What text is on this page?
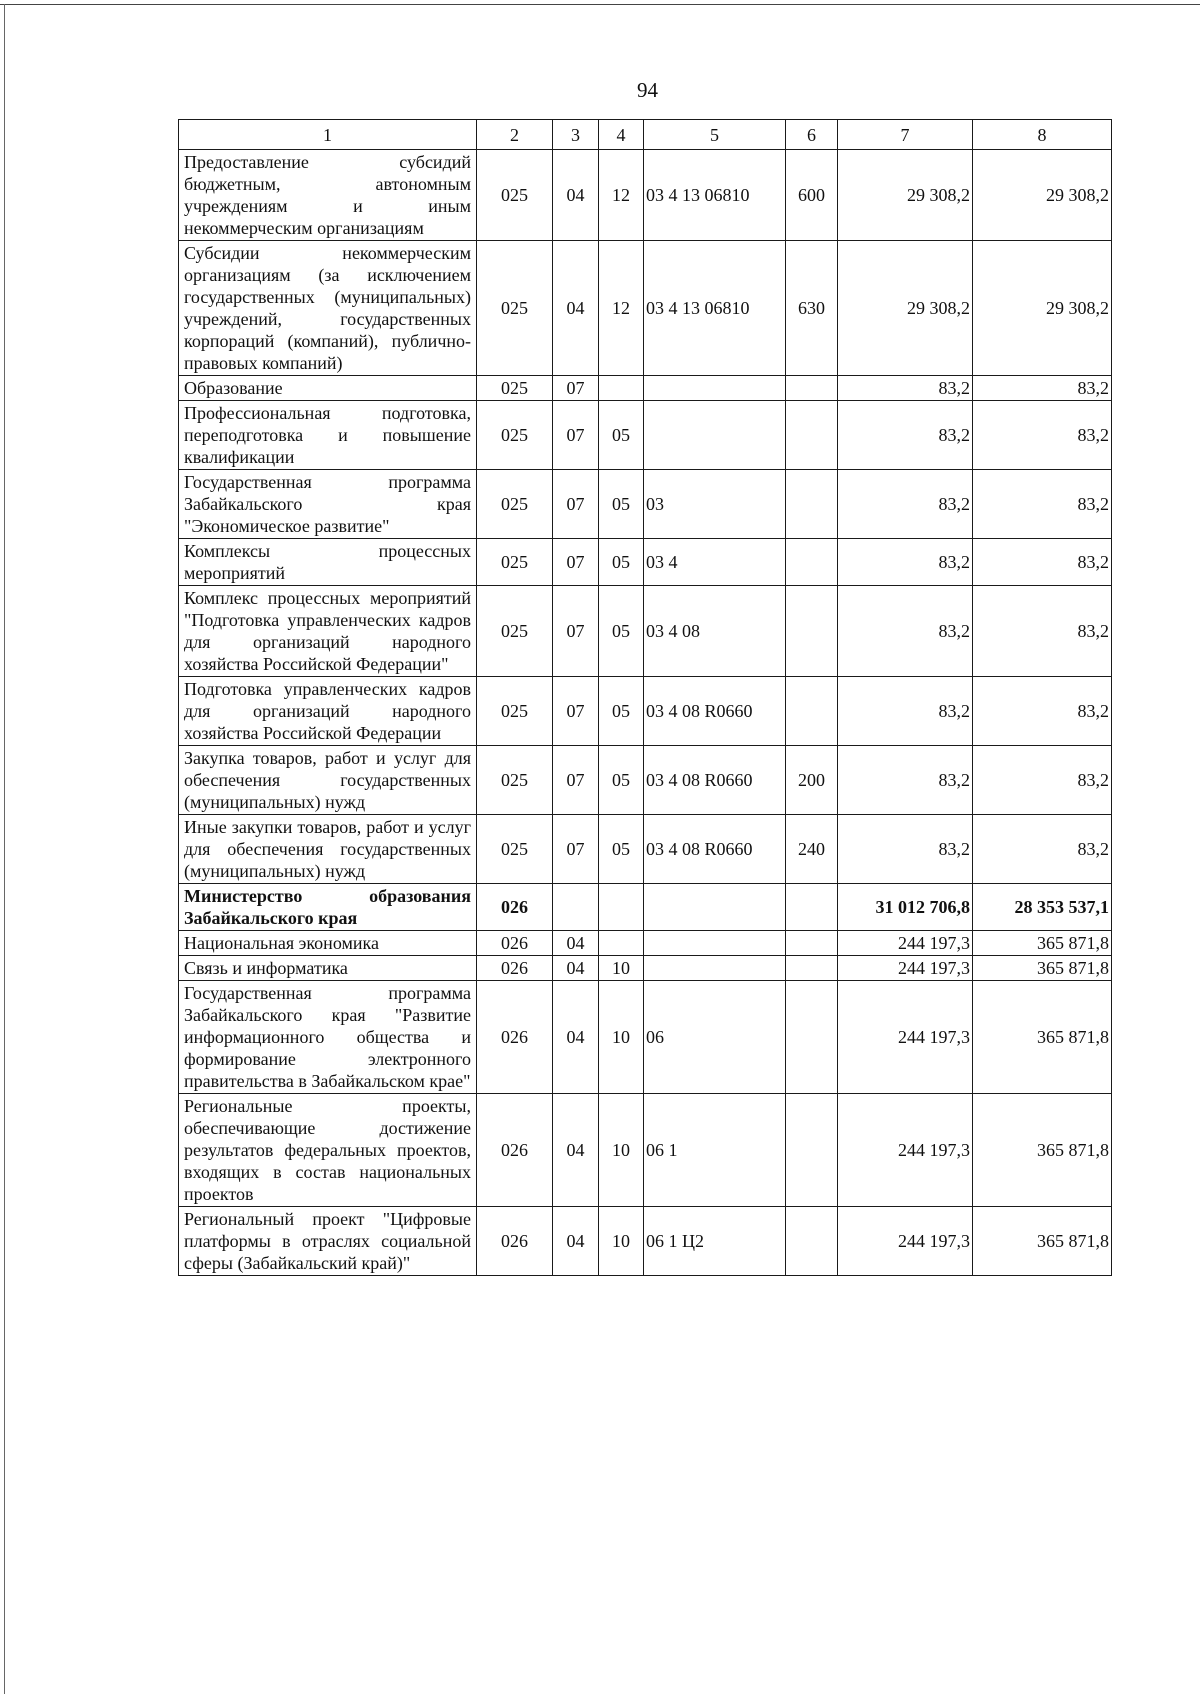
94
1	2	3	4	5	6	7	8
Предоставление субсидий бюджетным, автономным учреждениям и иным некоммерческим организациям	025	04	12	03 4 13 06810	600	29 308,2	29 308,2
Субсидии некоммерческим организациям (за исключением государственных (муниципальных) учреждений, государственных корпораций (компаний), публично-правовых компаний)	025	04	12	03 4 13 06810	630	29 308,2	29 308,2
Образование	025	07				83,2	83,2
Профессиональная подготовка, переподготовка и повышение квалификации	025	07	05			83,2	83,2
Государственная программа Забайкальского края "Экономическое развитие"	025	07	05	03		83,2	83,2
Комплексы процессных мероприятий	025	07	05	03 4		83,2	83,2
Комплекс процессных мероприятий "Подготовка управленческих кадров для организаций народного хозяйства Российской Федерации"	025	07	05	03 4 08		83,2	83,2
Подготовка управленческих кадров для организаций народного хозяйства Российской Федерации	025	07	05	03 4 08 R0660		83,2	83,2
Закупка товаров, работ и услуг для обеспечения государственных (муниципальных) нужд	025	07	05	03 4 08 R0660	200	83,2	83,2
Иные закупки товаров, работ и услуг для обеспечения государственных (муниципальных) нужд	025	07	05	03 4 08 R0660	240	83,2	83,2
Министерство образования Забайкальского края	026					31 012 706,8	28 353 537,1
Национальная экономика	026	04				244 197,3	365 871,8
Связь и информатика	026	04	10			244 197,3	365 871,8
Государственная программа Забайкальского края "Развитие информационного общества и формирование электронного правительства в Забайкальском крае"	026	04	10	06		244 197,3	365 871,8
Региональные проекты, обеспечивающие достижение результатов федеральных проектов, входящих в состав национальных проектов	026	04	10	06 1		244 197,3	365 871,8
Региональный проект "Цифровые платформы в отраслях социальной сферы (Забайкальский край)"	026	04	10	06 1 Ц2		244 197,3	365 871,8
